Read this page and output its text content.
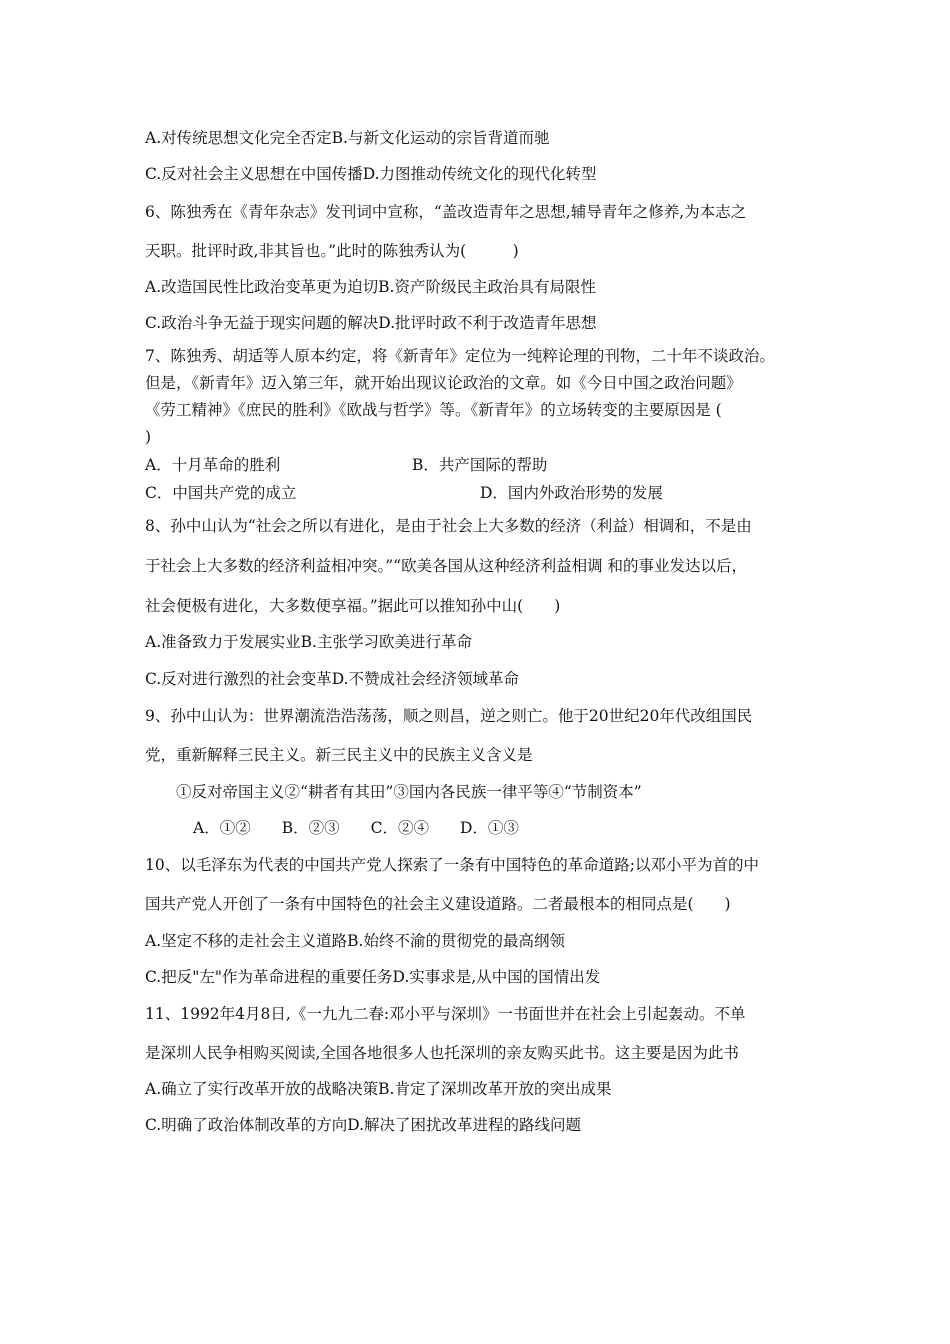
A.对传统思想文化完全否定B.与新文化运动的宗旨背道而驰
C.反对社会主义思想在中国传播D.力图推动传统文化的现代化转型
6、陈独秀在《青年杂志》发刊词中宣称，“盖改造青年之思想,辅导青年之修养,为本志之
天职。批评时政,非其旨也。”此时的陈独秀认为(　　　)
A.改造国民性比政治变革更为迫切B.资产阶级民主政治具有局限性
C.政治斗争无益于现实问题的解决D.批评时政不利于改造青年思想
7、陈独秀、胡适等人原本约定，将《新青年》定位为一纯粹论理的刊物，二十年不谈政治。
但是，《新青年》迈入第三年，就开始出现议论政治的文章。如《今日中国之政治问题》
《劳工精神》《庶民的胜利》《欧战与哲学》等。《新青年》的立场转变的主要原因是 (
)
A．十月革命的胜利	B．共产国际的帮助
C．中国共产党的成立	D．国内外政治形势的发展
8、孙中山认为“社会之所以有进化，是由于社会上大多数的经济（利益）相调和，不是由
于社会上大多数的经济利益相冲突。”“欧美各国从这种经济利益相调 和的事业发达以后，
社会便极有进化，大多数便享福。”据此可以推知孙中山(　　)
A.准备致力于发展实业B.主张学习欧美进行革命
C.反对进行激烈的社会变革D.不赞成社会经济领域革命
9、孙中山认为：世界潮流浩浩荡荡，顺之则昌，逆之则亡。他于20世纪20年代改组国民
党，重新解释三民主义。新三民主义中的民族主义含义是
①反对帝国主义②“耕者有其田”③国内各民族一律平等④“节制资本”
A．①②　　B．②③　　C．②④　　D．①③
10、以毛泽东为代表的中国共产党人探索了一条有中国特色的革命道路;以邓小平为首的中
国共产党人开创了一条有中国特色的社会主义建设道路。二者最根本的相同点是(　　)
A.坚定不移的走社会主义道路B.始终不渝的贯彻党的最高纲领
C.把反"左"作为革命进程的重要任务D.实事求是,从中国的国情出发
11、1992年4月8日,《一九九二春:邓小平与深圳》一书面世并在社会上引起轰动。不单
是深圳人民争相购买阅读,全国各地很多人也托深圳的亲友购买此书。这主要是因为此书
A.确立了实行改革开放的战略决策B.肯定了深圳改革开放的突出成果
C.明确了政治体制改革的方向D.解决了困扰改革进程的路线问题
